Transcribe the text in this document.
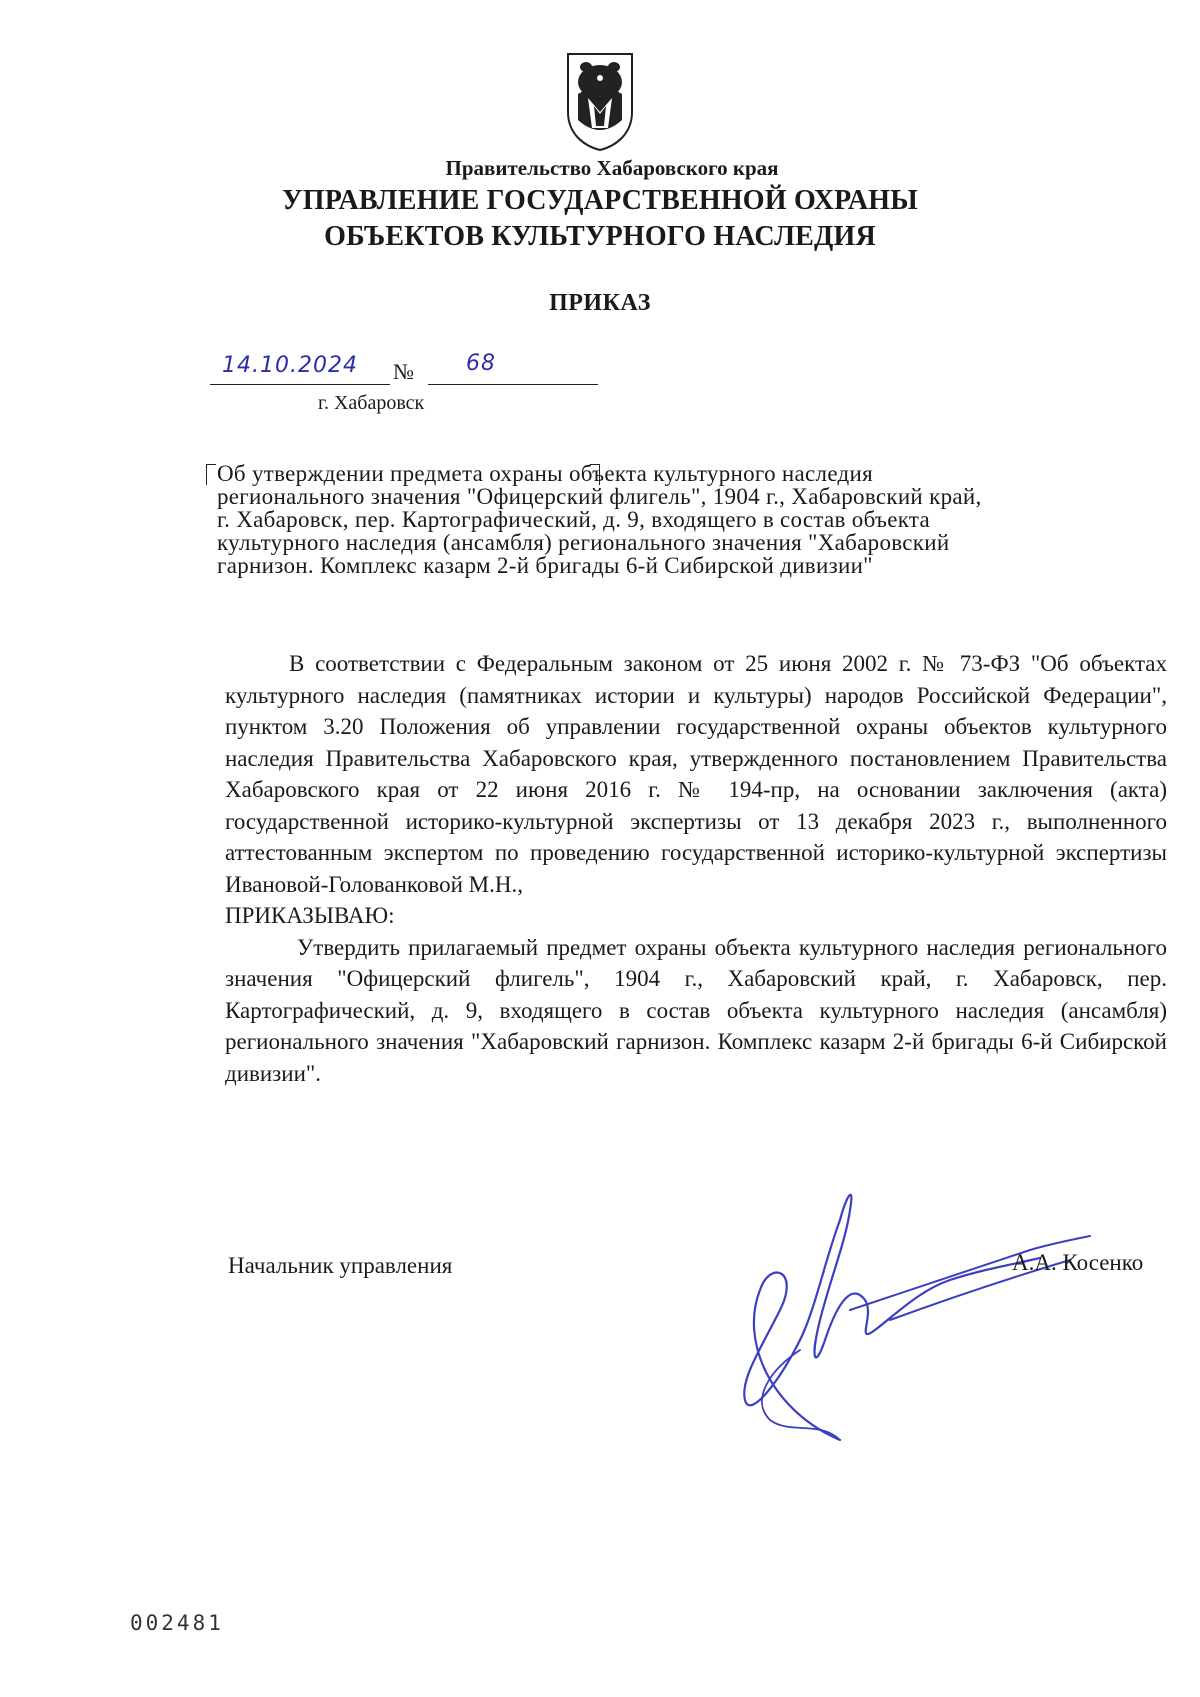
Правительство Хабаровского края
УПРАВЛЕНИЕ ГОСУДАРСТВЕННОЙ ОХРАНЫ
ОБЪЕКТОВ КУЛЬТУРНОГО НАСЛЕДИЯ
ПРИКАЗ
14.10.2024 № 68
г. Хабаровск

Об утверждении предмета охраны объекта культурного наследия

регионального значения "Офицерский флигель", 1904 г., Хабаровский край,

г. Хабаровск, пер. Картографический, д. 9, входящего в состав объекта

культурного наследия (ансамбля) регионального значения "Хабаровский

гарнизон. Комплекс казарм 2-й бригады 6-й Сибирской дивизии"

В соответствии с Федеральным законом от 25 июня 2002 г. № 73-ФЗ "Об объектах культурного наследия (памятниках истории и культуры) народов Российской Федерации", пунктом 3.20 Положения об управлении государственной охраны объектов культурного наследия Правительства Хабаровского края, утвержденного постановлением Правительства Хабаровского края от 22 июня 2016 г. № 194-пр, на основании заключения (акта) государственной историко-культурной экспертизы от 13 декабря 2023 г., выполненного аттестованным экспертом по проведению государственной историко-культурной экспертизы Ивановой-Голованковой М.Н.,

ПРИКАЗЫВАЮ:

Утвердить прилагаемый предмет охраны объекта культурного наследия регионального значения "Офицерский флигель", 1904 г., Хабаровский край, г. Хабаровск, пер. Картографический, д. 9, входящего в состав объекта культурного наследия (ансамбля) регионального значения "Хабаровский гарнизон. Комплекс казарм 2-й бригады 6-й Сибирской дивизии".

Начальник управления	А.А. Косенко
002481
